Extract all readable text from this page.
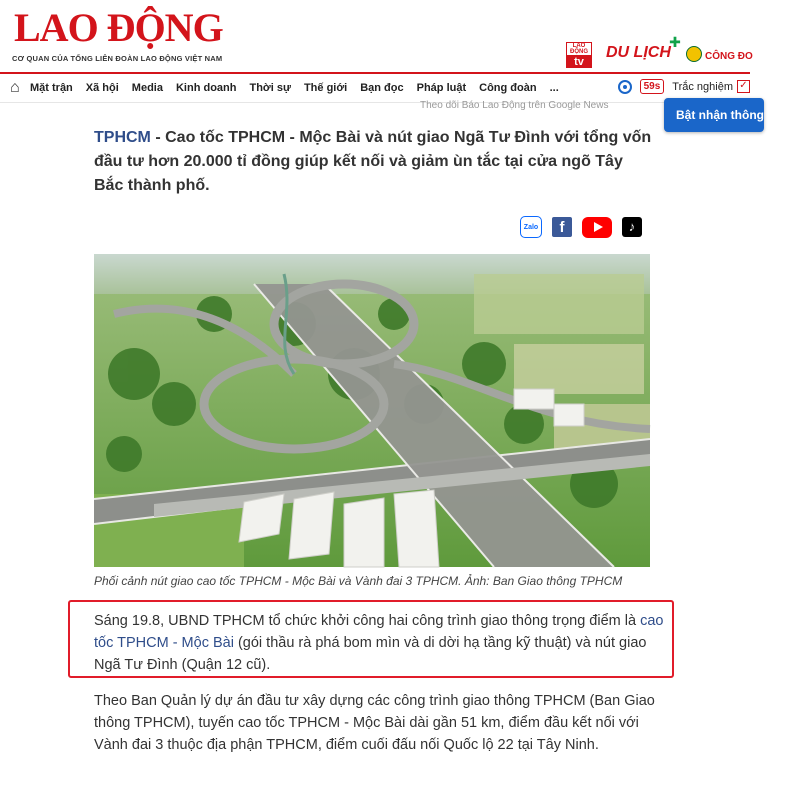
LAO ĐỘNG
CƠ QUAN CỦA TỔNG LIÊN ĐOÀN LAO ĐỘNG VIỆT NAM
LAO ĐỘNG
tv
DU LỊCH
✚
CÔNG ĐO
⌂ Mặt trận Xã hội Media Kinh doanh Thời sự Thế giới Bạn đọc Pháp luật Công đoàn ...	59s	Trắc nghiệm ✓
Theo dõi Báo Lao Động trên Google News
Bật nhận thông báo
TPHCM - Cao tốc TPHCM - Mộc Bài và nút giao Ngã Tư Đình với tổng vốn đầu tư hơn 20.000 tỉ đồng giúp kết nối và giảm ùn tắc tại cửa ngõ Tây Bắc thành phố.
Zalo	f	♪
Phối cảnh nút giao cao tốc TPHCM - Mộc Bài và Vành đai 3 TPHCM. Ảnh: Ban Giao thông TPHCM
Sáng 19.8, UBND TPHCM tổ chức khởi công hai công trình giao thông trọng điểm là cao tốc TPHCM - Mộc Bài (gói thầu rà phá bom mìn và di dời hạ tầng kỹ thuật) và nút giao Ngã Tư Đình (Quận 12 cũ).
Theo Ban Quản lý dự án đầu tư xây dựng các công trình giao thông TPHCM (Ban Giao thông TPHCM), tuyến cao tốc TPHCM - Mộc Bài dài gần 51 km, điểm đầu kết nối với Vành đai 3 thuộc địa phận TPHCM, điểm cuối đấu nối Quốc lộ 22 tại Tây Ninh.
